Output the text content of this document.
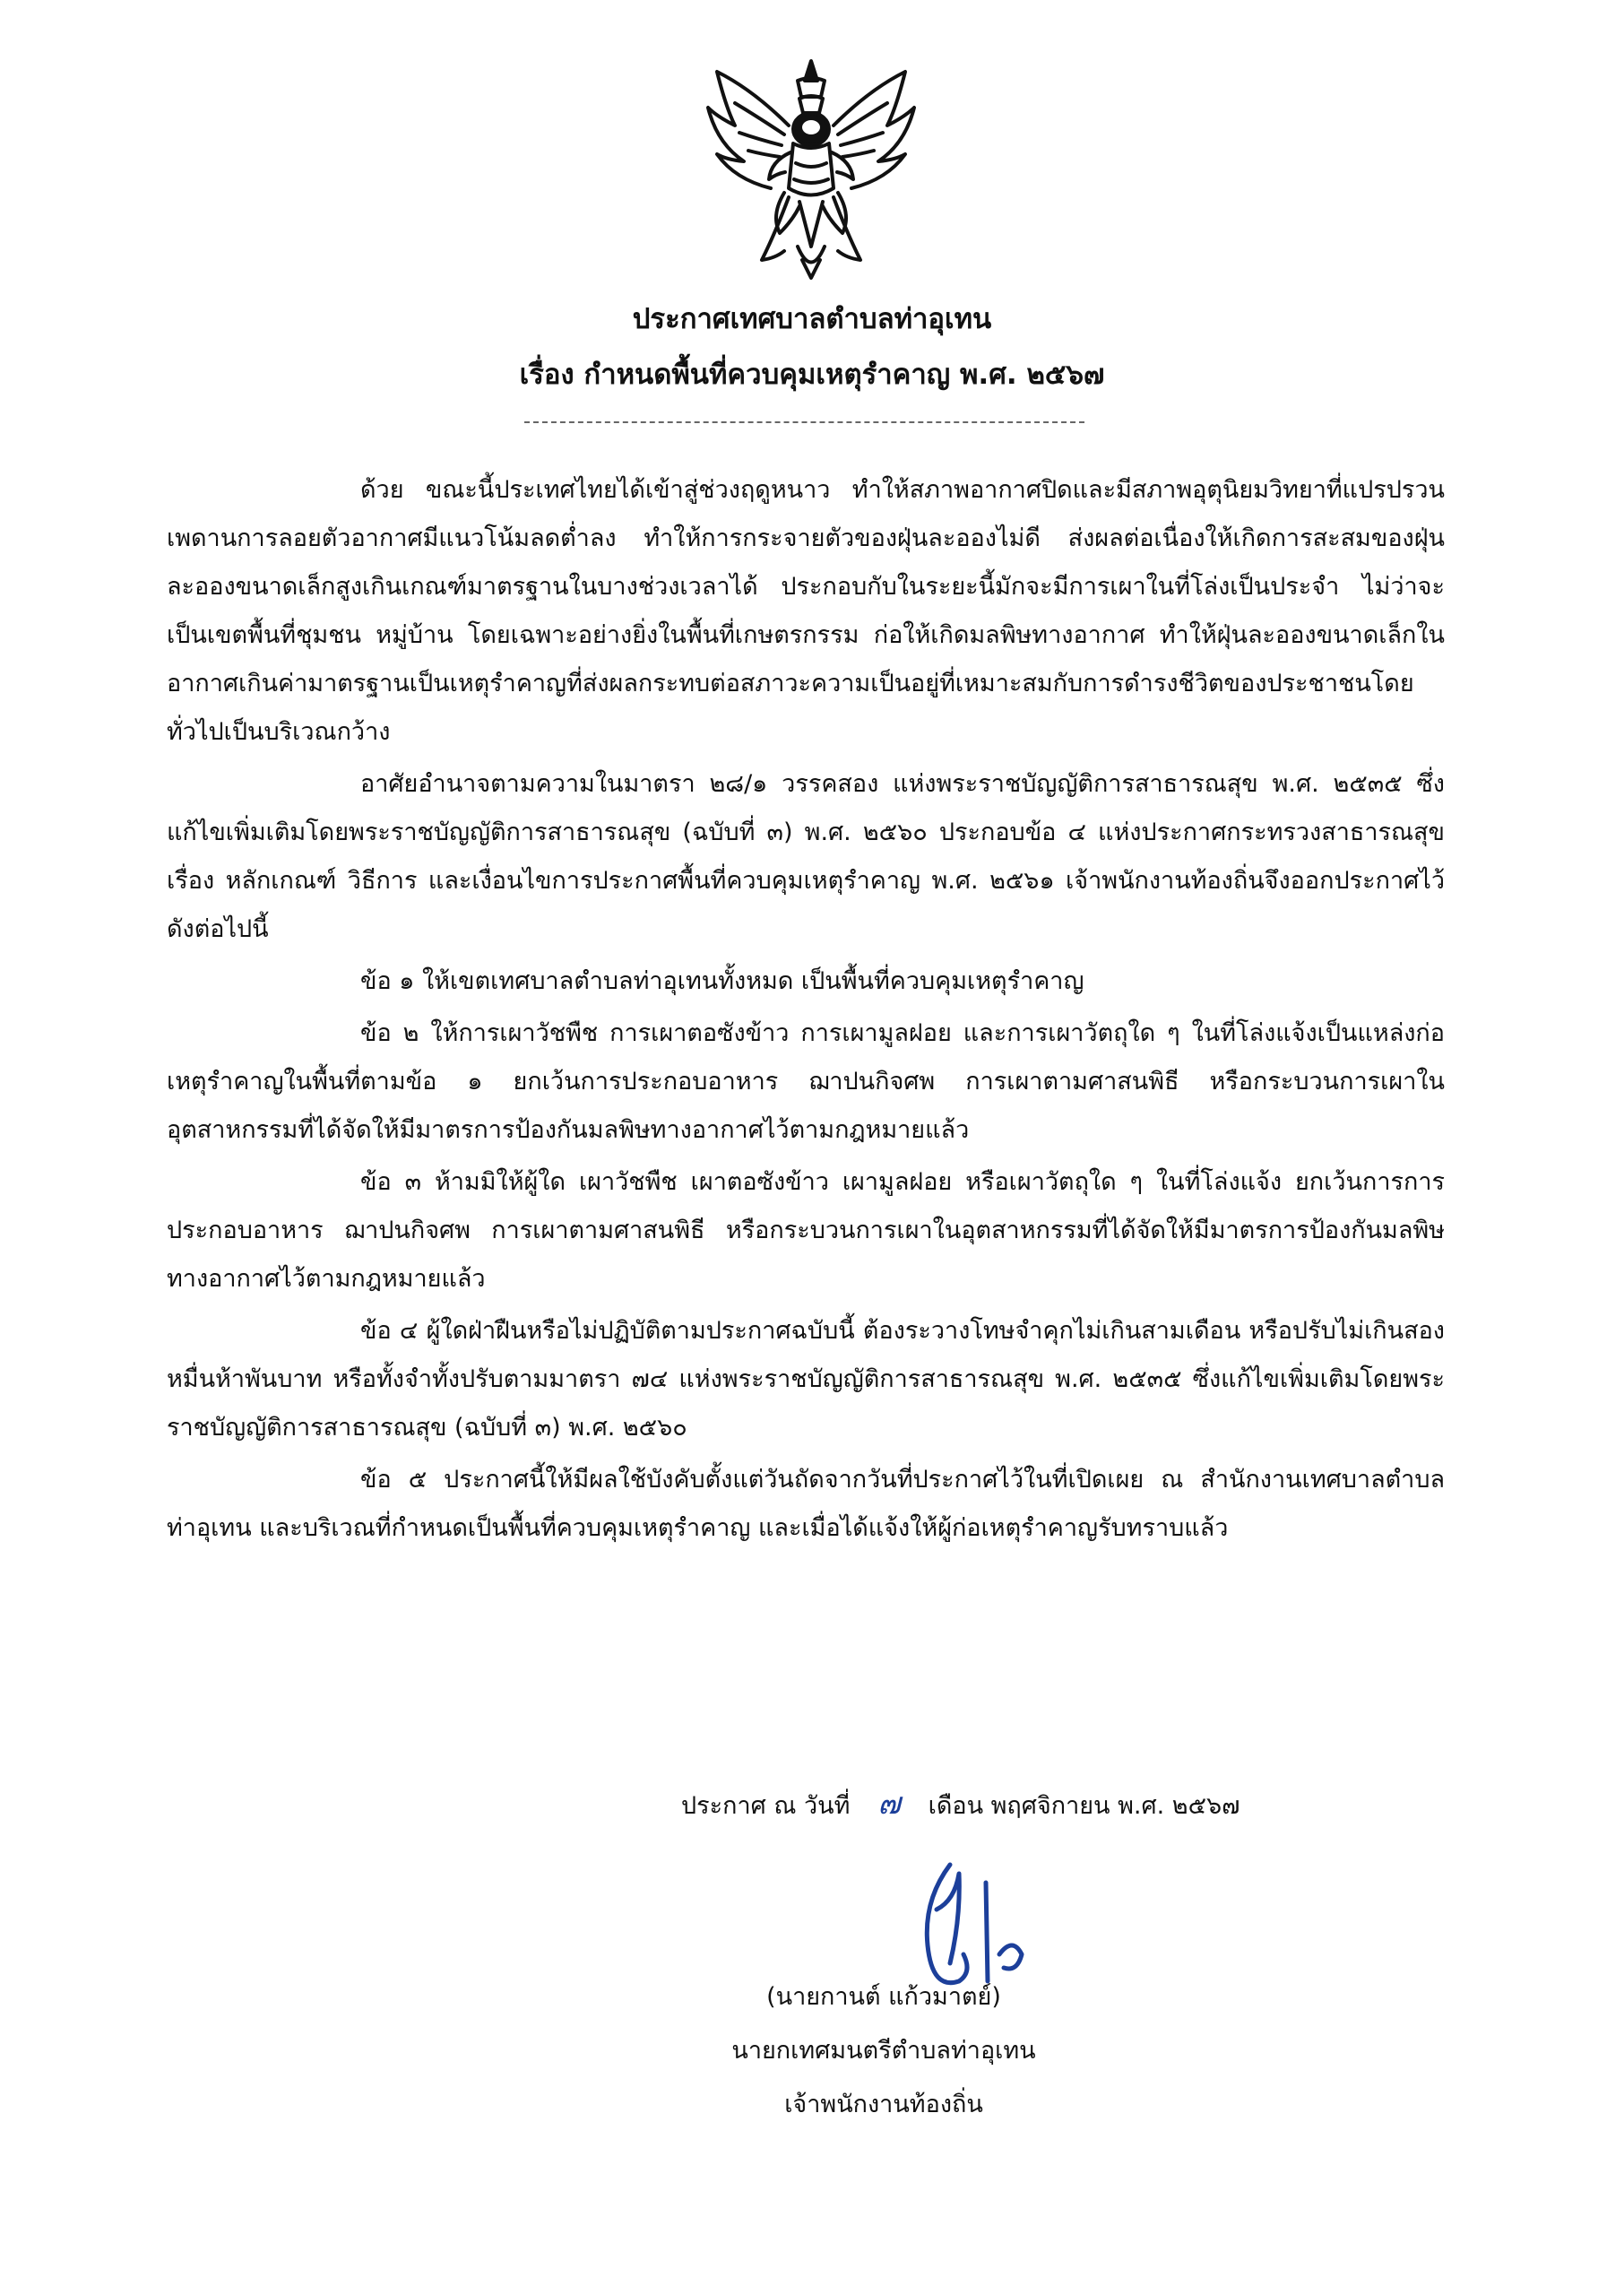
ประกาศเทศบาลตำบลท่าอุเทน
เรื่อง กำหนดพื้นที่ควบคุมเหตุรำคาญ พ.ศ. ๒๕๖๗

ด้วย ขณะนี้ประเทศไทยได้เข้าสู่ช่วงฤดูหนาว ทำให้สภาพอากาศปิดและมีสภาพอุตุนิยมวิทยาที่แปรปรวน เพดานการลอยตัวอากาศมีแนวโน้มลดต่ำลง ทำให้การกระจายตัวของฝุ่นละอองไม่ดี ส่งผลต่อเนื่องให้เกิดการสะสมของฝุ่นละอองขนาดเล็กสูงเกินเกณฑ์มาตรฐานในบางช่วงเวลาได้ ประกอบกับในระยะนี้มักจะมีการเผาในที่โล่งเป็นประจำ ไม่ว่าจะเป็นเขตพื้นที่ชุมชน หมู่บ้าน โดยเฉพาะอย่างยิ่งในพื้นที่เกษตรกรรม ก่อให้เกิดมลพิษทางอากาศ ทำให้ฝุ่นละอองขนาดเล็กในอากาศเกินค่ามาตรฐานเป็นเหตุรำคาญที่ส่งผลกระทบต่อสภาวะความเป็นอยู่ที่เหมาะสมกับการดำรงชีวิตของประชาชนโดยทั่วไปเป็นบริเวณกว้าง

อาศัยอำนาจตามความในมาตรา ๒๘/๑ วรรคสอง แห่งพระราชบัญญัติการสาธารณสุข พ.ศ. ๒๕๓๕ ซึ่งแก้ไขเพิ่มเติมโดยพระราชบัญญัติการสาธารณสุข (ฉบับที่ ๓) พ.ศ. ๒๕๖๐ ประกอบข้อ ๔ แห่งประกาศกระทรวงสาธารณสุข เรื่อง หลักเกณฑ์ วิธีการ และเงื่อนไขการประกาศพื้นที่ควบคุมเหตุรำคาญ พ.ศ. ๒๕๖๑ เจ้าพนักงานท้องถิ่นจึงออกประกาศไว้ ดังต่อไปนี้

ข้อ ๑ ให้เขตเทศบาลตำบลท่าอุเทนทั้งหมด เป็นพื้นที่ควบคุมเหตุรำคาญ

ข้อ ๒ ให้การเผาวัชพืช การเผาตอซังข้าว การเผามูลฝอย และการเผาวัตถุใด ๆ ในที่โล่งแจ้งเป็นแหล่งก่อเหตุรำคาญในพื้นที่ตามข้อ ๑ ยกเว้นการประกอบอาหาร ฌาปนกิจศพ การเผาตามศาสนพิธี หรือกระบวนการเผาในอุตสาหกรรมที่ได้จัดให้มีมาตรการป้องกันมลพิษทางอากาศไว้ตามกฎหมายแล้ว

ข้อ ๓ ห้ามมิให้ผู้ใด เผาวัชพืช เผาตอซังข้าว เผามูลฝอย หรือเผาวัตถุใด ๆ ในที่โล่งแจ้ง ยกเว้นการการประกอบอาหาร ฌาปนกิจศพ การเผาตามศาสนพิธี หรือกระบวนการเผาในอุตสาหกรรมที่ได้จัดให้มีมาตรการป้องกันมลพิษทางอากาศไว้ตามกฎหมายแล้ว

ข้อ ๔ ผู้ใดฝ่าฝืนหรือไม่ปฏิบัติตามประกาศฉบับนี้ ต้องระวางโทษจำคุกไม่เกินสามเดือน หรือปรับไม่เกินสองหมื่นห้าพันบาท หรือทั้งจำทั้งปรับตามมาตรา ๗๔ แห่งพระราชบัญญัติการสาธารณสุข พ.ศ. ๒๕๓๕ ซึ่งแก้ไขเพิ่มเติมโดยพระราชบัญญัติการสาธารณสุข (ฉบับที่ ๓) พ.ศ. ๒๕๖๐

ข้อ ๕ ประกาศนี้ให้มีผลใช้บังคับตั้งแต่วันถัดจากวันที่ประกาศไว้ในที่เปิดเผย ณ สำนักงานเทศบาลตำบลท่าอุเทน และบริเวณที่กำหนดเป็นพื้นที่ควบคุมเหตุรำคาญ และเมื่อได้แจ้งให้ผู้ก่อเหตุรำคาญรับทราบแล้ว

ประกาศ ณ วันที่ ๗ เดือน พฤศจิกายน พ.ศ. ๒๕๖๗
(นายกานต์ แก้วมาตย์)
นายกเทศมนตรีตำบลท่าอุเทน
เจ้าพนักงานท้องถิ่น
